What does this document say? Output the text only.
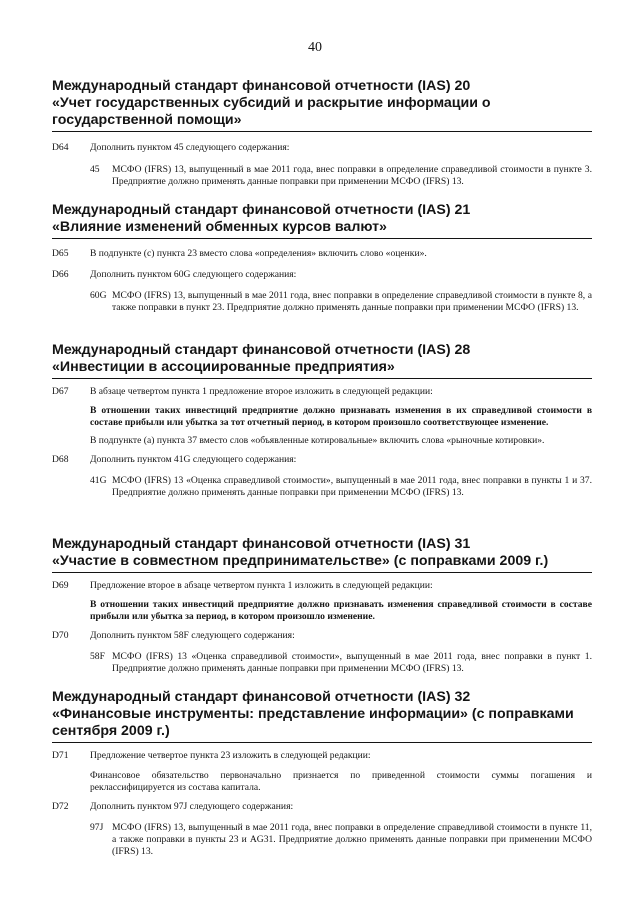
40
Международный стандарт финансовой отчетности (IAS) 20
«Учет государственных субсидий и раскрытие информации о
государственной помощи»
D64 Дополнить пунктом 45 следующего содержания:
45 МСФО (IFRS) 13, выпущенный в мае 2011 года, внес поправки в определение справедливой стоимости в пункте 3. Предприятие должно применять данные поправки при применении МСФО (IFRS) 13.
Международный стандарт финансовой отчетности (IAS) 21
«Влияние изменений обменных курсов валют»
D65 В подпункте (с) пункта 23 вместо слова «определения» включить слово «оценки».
D66 Дополнить пунктом 60G следующего содержания:
60G МСФО (IFRS) 13, выпущенный в мае 2011 года, внес поправки в определение справедливой стоимости в пункте 8, а также поправки в пункт 23. Предприятие должно применять данные поправки при применении МСФО (IFRS) 13.
Международный стандарт финансовой отчетности (IAS) 28
«Инвестиции в ассоциированные предприятия»
D67 В абзаце четвертом пункта 1 предложение второе изложить в следующей редакции:
В отношении таких инвестиций предприятие должно признавать изменения в их справедливой стоимости в составе прибыли или убытка за тот отчетный период, в котором произошло соответствующее изменение.
В подпункте (а) пункта 37 вместо слов «объявленные котировальные» включить слова «рыночные котировки».
D68 Дополнить пунктом 41G следующего содержания:
41G МСФО (IFRS) 13 «Оценка справедливой стоимости», выпущенный в мае 2011 года, внес поправки в пункты 1 и 37. Предприятие должно применять данные поправки при применении МСФО (IFRS) 13.
Международный стандарт финансовой отчетности (IAS) 31
«Участие в совместном предпринимательстве» (с поправками 2009 г.)
D69 Предложение второе в абзаце четвертом пункта 1 изложить в следующей редакции:
В отношении таких инвестиций предприятие должно признавать изменения справедливой стоимости в составе прибыли или убытка за период, в котором произошло изменение.
D70 Дополнить пунктом 58F следующего содержания:
58F МСФО (IFRS) 13 «Оценка справедливой стоимости», выпущенный в мае 2011 года, внес поправки в пункт 1. Предприятие должно применять данные поправки при применении МСФО (IFRS) 13.
Международный стандарт финансовой отчетности (IAS) 32
«Финансовые инструменты: представление информации» (с поправками
сентября 2009 г.)
D71 Предложение четвертое пункта 23 изложить в следующей редакции:
Финансовое обязательство первоначально признается по приведенной стоимости суммы погашения и реклассифицируется из состава капитала.
D72 Дополнить пунктом 97J следующего содержания:
97J МСФО (IFRS) 13, выпущенный в мае 2011 года, внес поправки в определение справедливой стоимости в пункте 11, а также поправки в пункты 23 и AG31. Предприятие должно применять данные поправки при применении МСФО (IFRS) 13.
